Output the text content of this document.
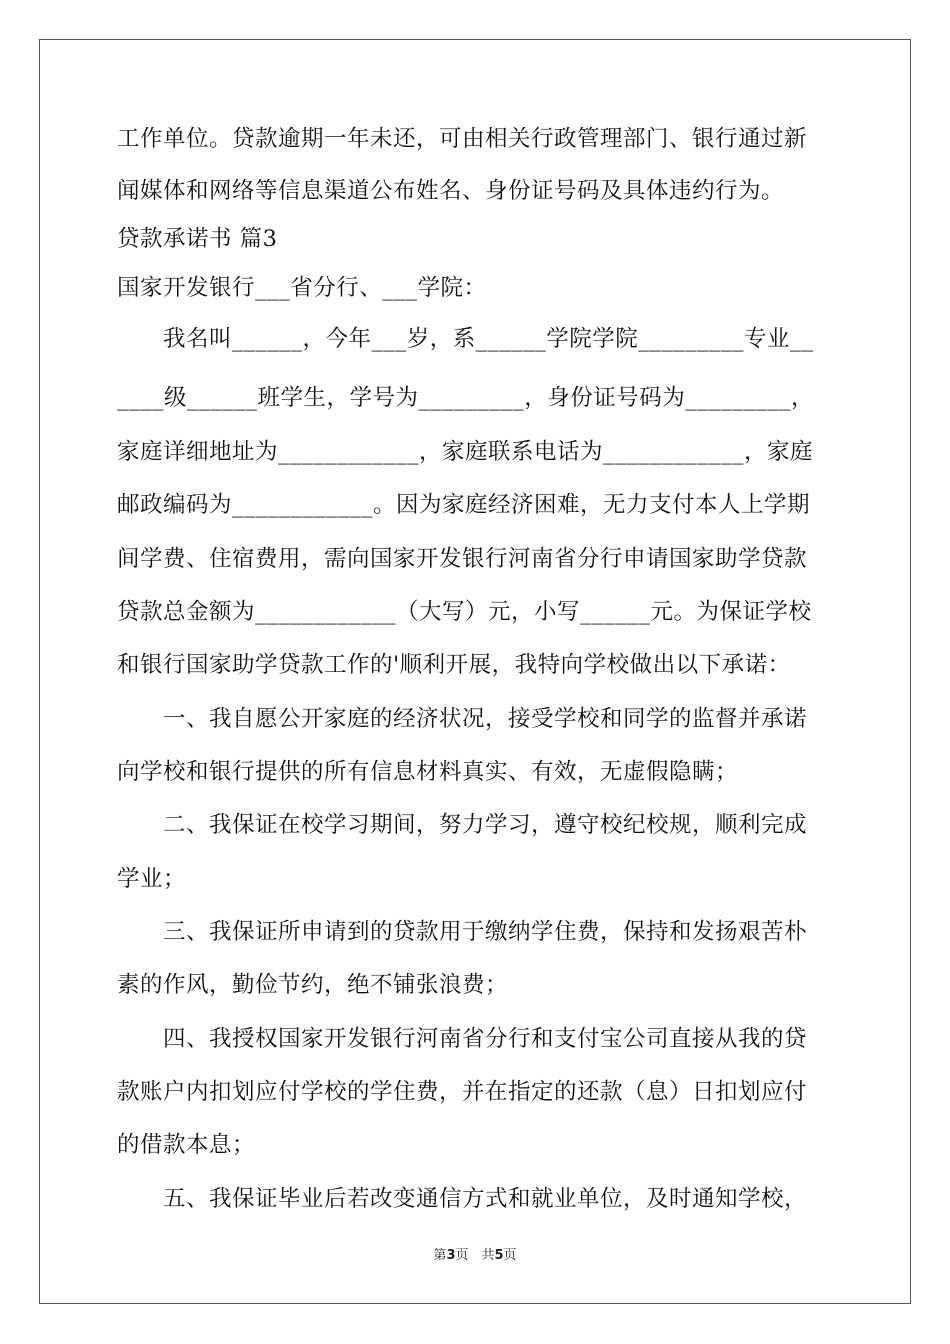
工作单位。贷款逾期一年未还，可由相关行政管理部门、银行通过新
闻媒体和网络等信息渠道公布姓名、身份证号码及具体违约行为。
贷款承诺书 篇3
国家开发银行___省分行、___学院：
　　我名叫______，今年___岁，系______学院学院_________专业__
____级______班学生，学号为_________，身份证号码为_________，
家庭详细地址为____________，家庭联系电话为____________，家庭
邮政编码为____________。因为家庭经济困难，无力支付本人上学期
间学费、住宿费用，需向国家开发银行河南省分行申请国家助学贷款
贷款总金额为____________（大写）元，小写______元。为保证学校
和银行国家助学贷款工作的'顺利开展，我特向学校做出以下承诺：
　　一、我自愿公开家庭的经济状况，接受学校和同学的监督并承诺
向学校和银行提供的所有信息材料真实、有效，无虚假隐瞒；
　　二、我保证在校学习期间，努力学习，遵守校纪校规，顺利完成
学业；
　　三、我保证所申请到的贷款用于缴纳学住费，保持和发扬艰苦朴
素的作风，勤俭节约，绝不铺张浪费；
　　四、我授权国家开发银行河南省分行和支付宝公司直接从我的贷
款账户内扣划应付学校的学住费，并在指定的还款（息）日扣划应付
的借款本息；
　　五、我保证毕业后若改变通信方式和就业单位，及时通知学校，
第3页　共5页
